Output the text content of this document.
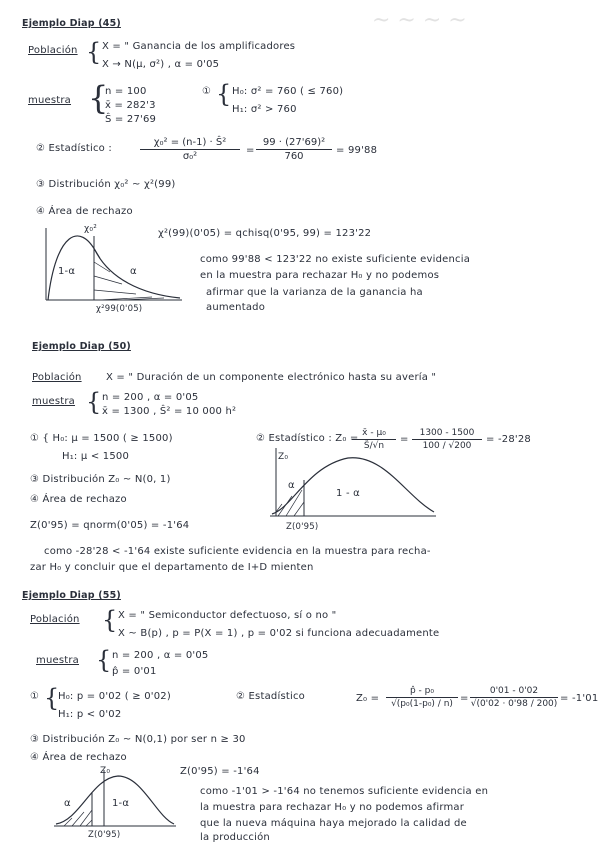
~ ~ ~ ~
Ejemplo Diap (45)
Población { X = " Ganancia de los amplificadores
X → N(μ, σ²) , α = 0'05
muestra {
n = 100
x̄ = 282'3
Ŝ = 27'69
① { H₀: σ² = 760 ( ≤ 760)
H₁: σ² > 760
② Estadístico :	$\frac{\text{χ₀² = (n-1) · Ŝ²}}{\text{σ₀²}} = \frac{\text{99 · (27'69)²}}{760} = 99'88$
③ Distribución χ₀² ~ χ²(99)
④ Área de rechazo
χ₀²
1-α	α
χ²99(0'05)
χ²(99)(0'05) = qchisq(0'95, 99) = 123'22
como 99'88 < 123'22 no existe suficiente evidencia
en la muestra para rechazar H₀ y no podemos
afirmar que la varianza de la ganancia ha
aumentado
Ejemplo Diap (50)
Población X = " Duración de un componente electrónico hasta su avería "
muestra { n = 200 , α = 0'05
x̄ = 1300 , Ŝ² = 10 000 h²
① { H₀: μ = 1500 ( ≥ 1500)
H₁: μ < 1500
② Estadístico : Z₀ =
$\frac{\text{x̄ - μ₀}}{Ŝ/√n} = \frac{1300 - 1500}{100 / √200} = -28'28$
③ Distribución Z₀ ~ N(0, 1)
④ Área de rechazo
Z₀
α
1 - α
Z(0'95)
Z(0'95) = qnorm(0'05) = -1'64
como -28'28 < -1'64 existe suficiente evidencia en la muestra para recha-
zar H₀ y concluir que el departamento de I+D mienten
Ejemplo Diap (55)
Población { X = " Semiconductor defectuoso, sí o no "
X ~ B(p) , p = P(X = 1) , p = 0'02 si funciona adecuadamente
muestra { n = 200 , α = 0'05
p̂ = 0'01
① {
H₀: p = 0'02 ( ≥ 0'02)
H₁: p < 0'02
② Estadístico	$Z_0 = \frac{\text{p̂ - p₀}}{\text{√(p₀(1-p₀) / n)}} = \frac{0'01 - 0'02}{√(0'02 \cdot 0'98 / 200)} = -1'01$
③ Distribución Z₀ ~ N(0,1) por ser n ≥ 30
④ Área de rechazo
Z₀
α	1-α
Z(0'95)
Z(0'95) = -1'64
como -1'01 > -1'64 no tenemos suficiente evidencia en
la muestra para rechazar H₀ y no podemos afirmar
que la nueva máquina haya mejorado la calidad de
la producción
